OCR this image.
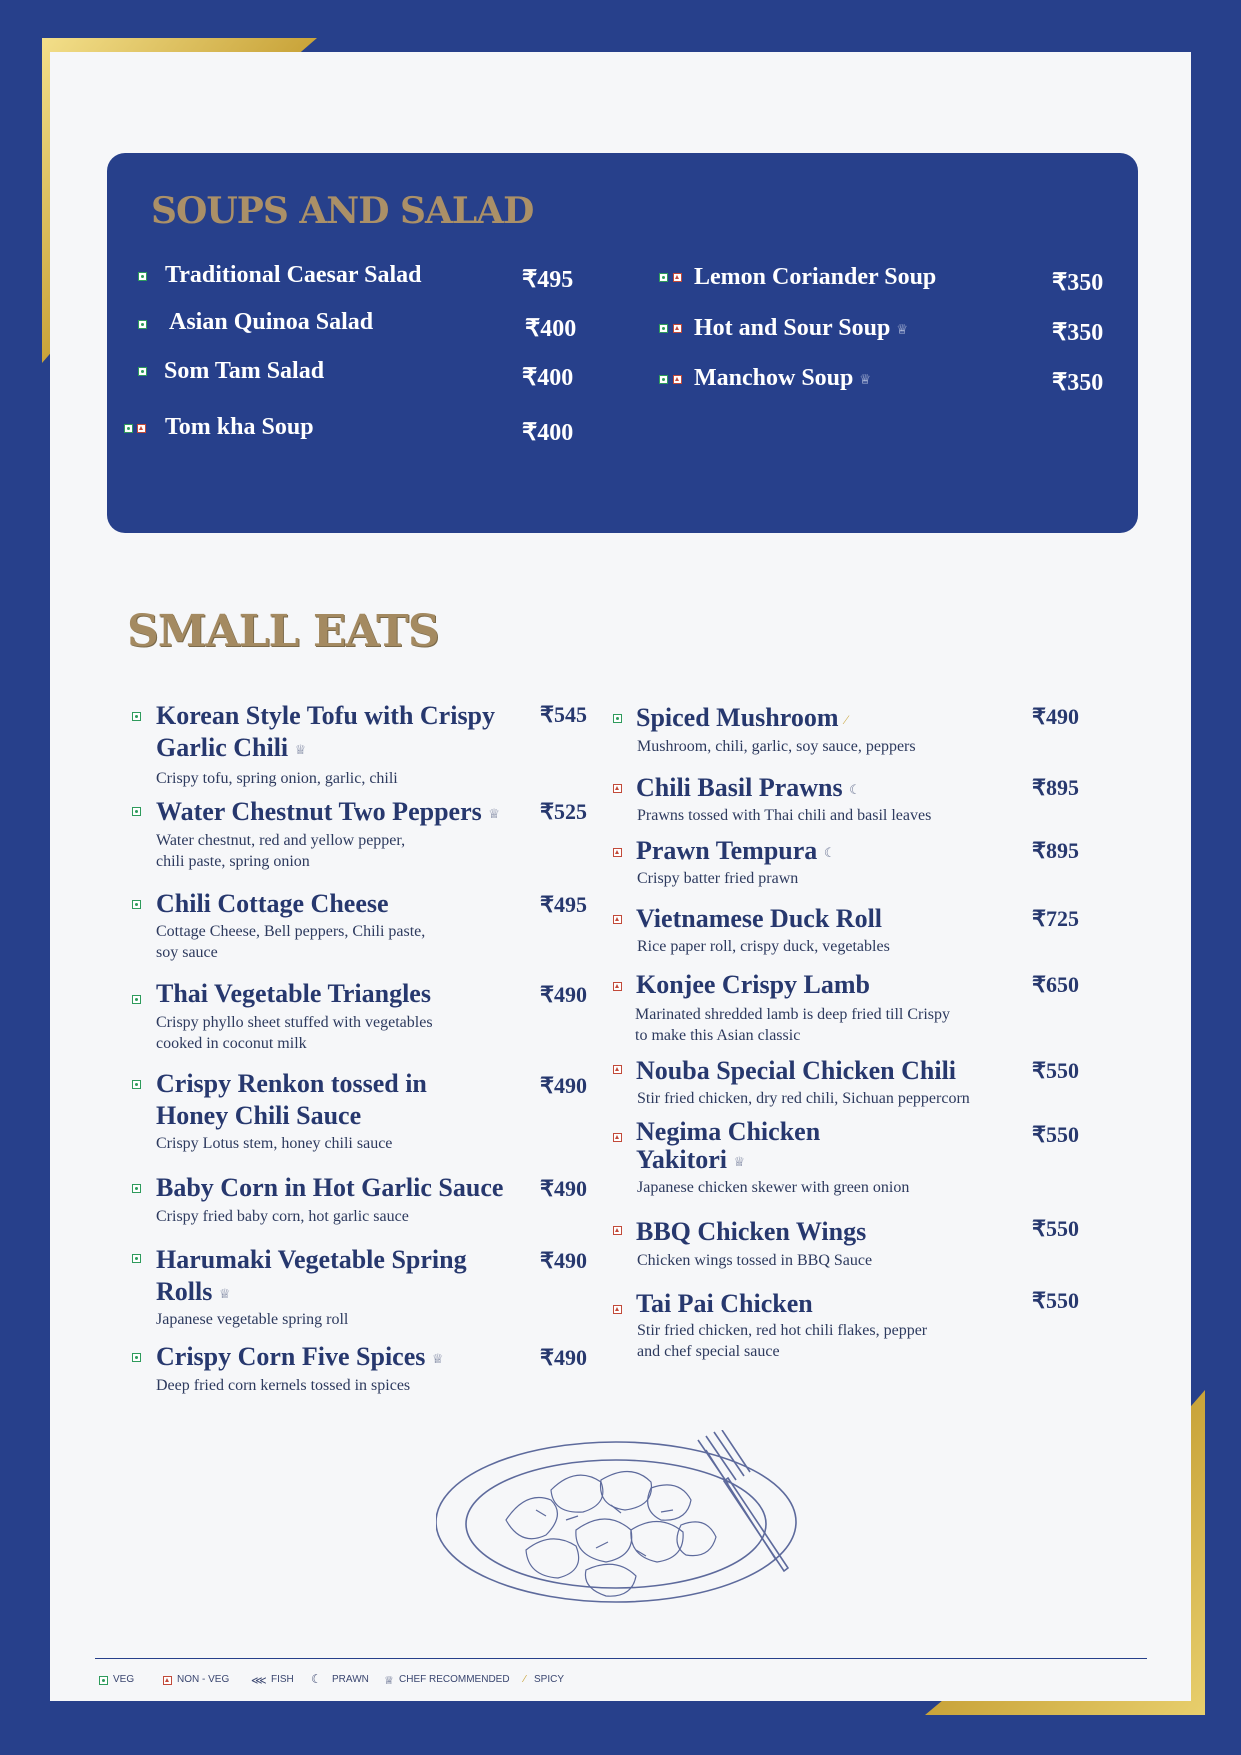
SOUPS AND SALAD
Traditional Caesar Salad	₹495
Asian Quinoa Salad	₹400
Som Tam Salad	₹400
Tom kha Soup	₹400
Lemon Coriander Soup	₹350
Hot and Sour Soup ♕	₹350
Manchow Soup ♕	₹350
SMALL EATS
Korean Style Tofu with Crispy
Garlic Chili ♕
₹545
Crispy tofu, spring onion, garlic, chili
Water Chestnut Two Peppers ♕ ₹525
Water chestnut, red and yellow pepper,
chili paste, spring onion
Chili Cottage Cheese	₹495
Cottage Cheese, Bell peppers, Chili paste,
soy sauce
Thai Vegetable Triangles	₹490
Crispy phyllo sheet stuffed with vegetables
cooked in coconut milk
Crispy Renkon tossed in
Honey Chili Sauce
₹490
Crispy Lotus stem, honey chili sauce
Baby Corn in Hot Garlic Sauce ₹490
Crispy fried baby corn, hot garlic sauce
Harumaki Vegetable Spring
Rolls ♕
₹490
Japanese vegetable spring roll
Crispy Corn Five Spices ♕	₹490
Deep fried corn kernels tossed in spices
Spiced Mushroom ⁄	₹490
Mushroom, chili, garlic, soy sauce, peppers
Chili Basil Prawns ☾	₹895
Prawns tossed with Thai chili and basil leaves
Prawn Tempura ☾	₹895
Crispy batter fried prawn
Vietnamese Duck Roll	₹725
Rice paper roll, crispy duck, vegetables
Konjee Crispy Lamb	₹650
Marinated shredded lamb is deep fried till Crispy
to make this Asian classic
Nouba Special Chicken Chili	₹550
Stir fried chicken, dry red chili, Sichuan peppercorn
Negima Chicken
Yakitori ♕
₹550
Japanese chicken skewer with green onion
BBQ Chicken Wings	₹550
Chicken wings tossed in BBQ Sauce
Tai Pai Chicken	₹550
Stir fried chicken, red hot chili flakes, pepper
and chef special sauce
VEG	NON - VEG ⋘ FISH ☾ PRAWN ♕ CHEF RECOMMENDED ⁄ SPICY
